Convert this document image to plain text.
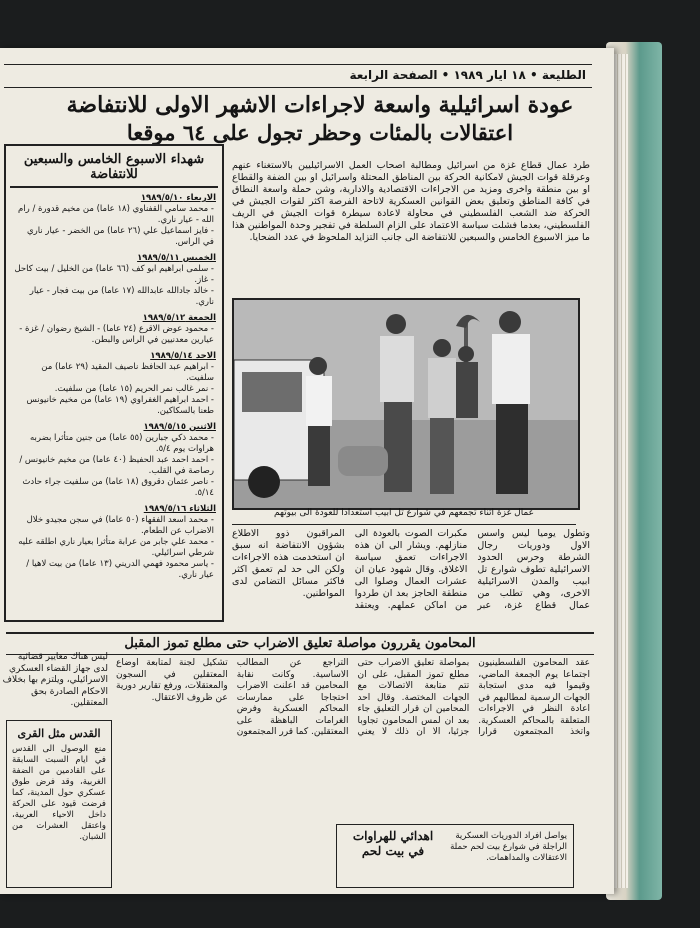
الطليعة • ١٨ ايار ١٩٨٩ • الصفحة الرابعة
عودة اسرائيلية واسعة لاجراءات الاشهر الاولى للانتفاضة
اعتقالات بالمئات وحظر تجول على ٦٤ موقعا
طرد عمال قطاع غزة من اسرائيل ومطالبة اصحاب العمل الاسرائيليين بالاستغناء عنهم وعرقلة قوات الجيش لامكانية الحركة بين المناطق المحتلة واسرائيل او بين الضفة والقطاع او بين منطقة واخرى ومزيد من الاجراءات الاقتصادية والادارية، وشن حملة واسعة النطاق في كافة المناطق وتعليق بعض القوانين العسكرية لاتاحة الفرصة اكثر لقوات الجيش في الحركة ضد الشعب الفلسطيني في محاولة لاعادة سيطرة قوات الجيش في الريف الفلسطيني، بعدما فشلت سياسة الاعتماد على الزام السلطة في تفجير وحدة المواطنين هذا ما ميز الاسبوع الخامس والسبعين للانتفاضة الى جانب التزايد الملحوظ في عدد الضحايا.
شهداء الاسبوع الخامس والسبعين للانتفاضة
الاربعاء ١٩٨٩/٥/١٠
- محمد سامي القفناوي (١٨ عاما) من مخيم قدورة / رام الله - عيار ناري.
- فايز اسماعيل علي (٢٦ عاما) من الخضر - عيار ناري في الراس.
الخميس ١٩٨٩/٥/١١
- سلمى ابراهيم ابو كف (٦٦ عاما) من الخليل / بيت كاحل - غاز.
- خالد جادالله عابدالله (١٧ عاما) من بيت فجار - عيار ناري.
الجمعة ١٩٨٩/٥/١٢
- محمود عوض الاقرع (٢٤ عاما) - الشيخ رضوان / غزة - عيارين معدنيين في الراس والبطن.
الاحد ١٩٨٩/٥/١٤
- ابراهيم عبد الحافظ ناصيف المقيد (٢٩ عاما) من سلفيت.
- نمر غالب نمر الحريم (١٥ عاما) من سلفيت.
- احمد ابراهيم الغفراوي (١٩ عاما) من مخيم خانيونس طعنا بالسكاكين.
الاثنين ١٩٨٩/٥/١٥
- محمد ذكي جبارين (٥٥ عاما) من جنين متأثرا بضربه هراوات يوم ٥/٤.
- احمد احمد عبد الحفيظ (٤٠ عاما) من مخيم خانيونس / رصاصة في القلب.
- ناصر عثمان دقروق (١٨ عاما) من سلفيت جراء حادث ٥/١٤.
الثلاثاء ١٩٨٩/٥/١٦
- محمد اسعد الفقهاء (٥٠ عاما) في سجن مجيدو خلال الاضراب عن الطعام.
- محمد علي جابر من عرابة متأثرا بعيار ناري اطلقه عليه شرطي اسرائيلي.
- ياسر محمود فهمي الدريني (١٣ عاما) من بيت لاهيا / عيار ناري.
عمال غزة اثناء تجمعهم في شوارع تل ابيب استعدادا للعودة الى بيوتهم
وتطول يوميا ليس واسس الاول ودوريات رجال الشرطة وحرس الحدود الاسرائيلية تطوف شوارع تل ابيب والمدن الاسرائيلية الاخرى، وهي تطلب من عمال قطاع غزة، عبر مكبرات الصوت بالعودة الى منازلهم. ويشار الى ان هذه الاجراءات تعمق سياسة الاغلاق. وقال شهود عيان ان عشرات العمال وصلوا الى منطقة الحاجز بعد ان طردوا من اماكن عملهم. ويعتقد المراقبون ذوو الاطلاع بشؤون الانتفاضة انه سبق ان استخدمت هذه الاجراءات ولكن الى حد لم تعمق اكثر فاكثر مسائل التضامن لدى المواطنين.
المحامون يقررون مواصلة تعليق الاضراب حتى مطلع تموز المقبل
ليس هناك معايير قضائية لدى جهاز القضاء العسكري الاسرائيلي، ويلتزم بها بخلاف الاحكام الصادرة بحق المعتقلين.
عقد المحامون الفلسطينيون اجتماعا يوم الجمعة الماضي، وقيموا فيه مدى استجابة الجهات الرسمية لمطالبهم في اعادة النظر في الاجراءات المتعلقة بالمحاكم العسكرية. واتخذ المجتمعون قرارا بمواصلة تعليق الاضراب حتى مطلع تموز المقبل، على ان تتم متابعة الاتصالات مع الجهات المختصة. وقال احد المحامين ان قرار التعليق جاء بعد ان لمس المحامون تجاوبا جزئيا، الا ان ذلك لا يعني التراجع عن المطالب الاساسية. وكانت نقابة المحامين قد اعلنت الاضراب احتجاجا على ممارسات المحاكم العسكرية وفرض الغرامات الباهظة على المعتقلين. كما قرر المجتمعون تشكيل لجنة لمتابعة اوضاع المعتقلين في السجون والمعتقلات، ورفع تقارير دورية عن ظروف الاعتقال.
القدس مثل القرى
منع الوصول الى القدس في ايام السبت السابقة على القادمين من الضفة الغربية، وقد فرض طوق عسكري حول المدينة، كما فرضت قيود على الحركة داخل الاحياء العربية، واعتقل العشرات من الشبان.	اهدائي للهراوات في بيت لحم
يواصل افراد الدوريات العسكرية الراجلة في شوارع بيت لحم حملة الاعتقالات والمداهمات.
